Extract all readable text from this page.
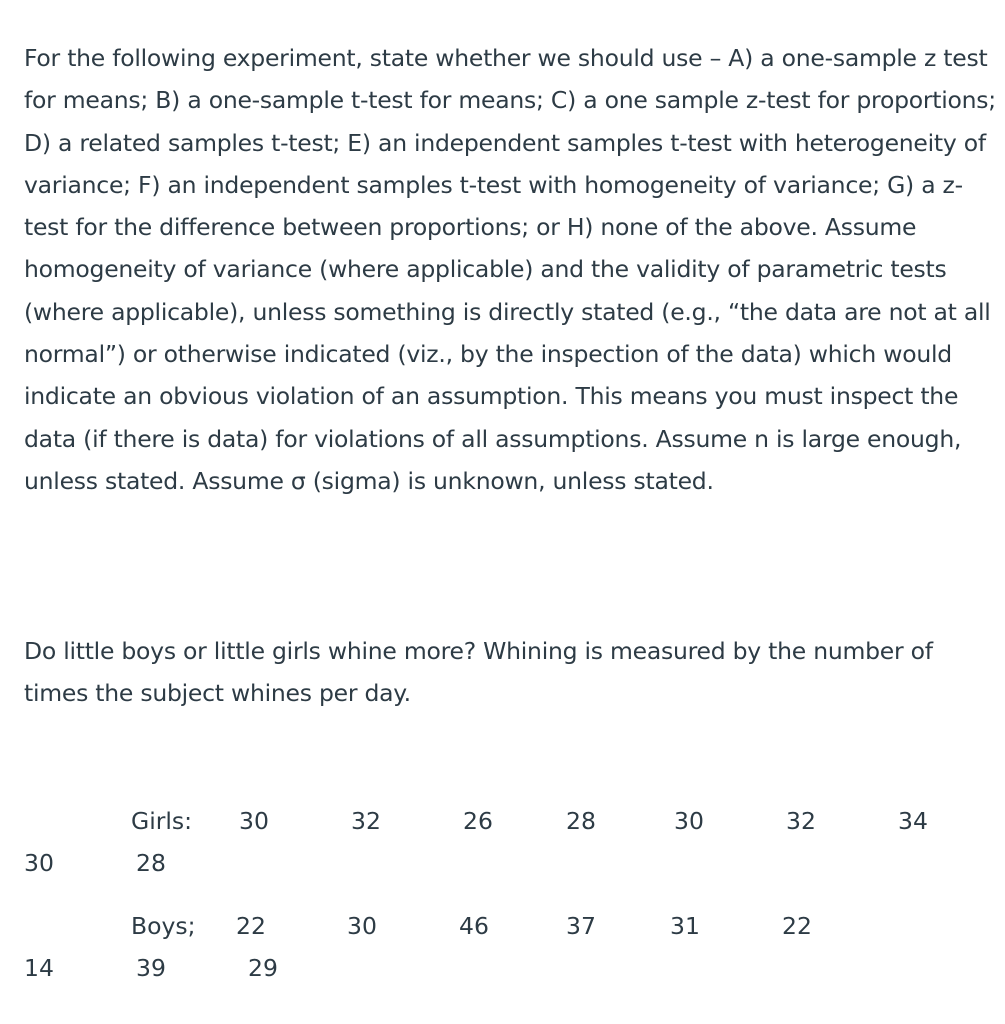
For the following experiment, state whether we should use – A) a one-sample z test for means; B) a one-sample t-test for means; C) a one sample z-test for proportions; D) a related samples t-test; E) an independent samples t-test with heterogeneity of variance; F) an independent samples t-test with homogeneity of variance; G) a z-test for the difference between proportions; or H) none of the above. Assume homogeneity of variance (where applicable) and the validity of parametric tests (where applicable), unless something is directly stated (e.g., “the data are not at all normal”) or otherwise indicated (viz., by the inspection of the data) which would indicate an obvious violation of an assumption. This means you must inspect the data (if there is data) for violations of all assumptions. Assume n is large enough, unless stated. Assume σ (sigma) is unknown, unless stated.

Do little boys or little girls whine more? Whining is measured by the number of times the subject whines per day.

Girls: 30	32	26	28	30	32	34
30	28
Boys; 22	30	46	37	31	22
14	39	29
